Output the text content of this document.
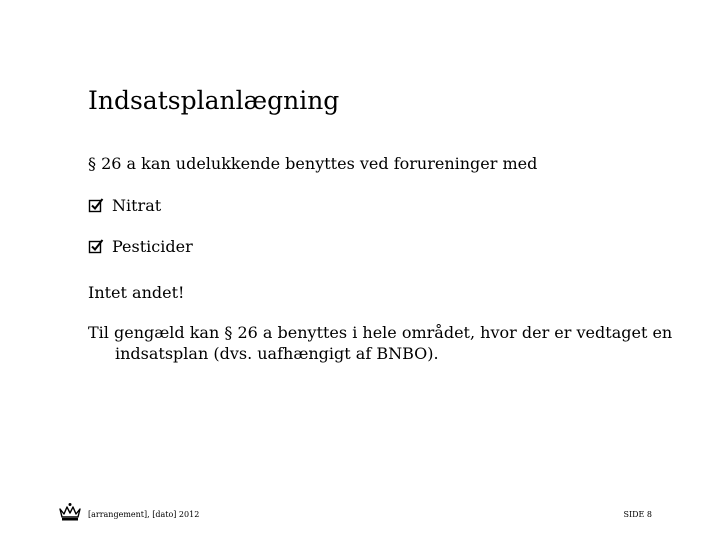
Indsatsplanlægning

§ 26 a kan udelukkende benyttes ved forureninger med

Nitrat
Pesticider

Intet andet!

Til gengæld kan § 26 a benyttes i hele området, hvor der er vedtaget en indsatsplan (dvs. uafhængigt af BNBO).

[arrangement], [dato] 2012	SIDE 8
